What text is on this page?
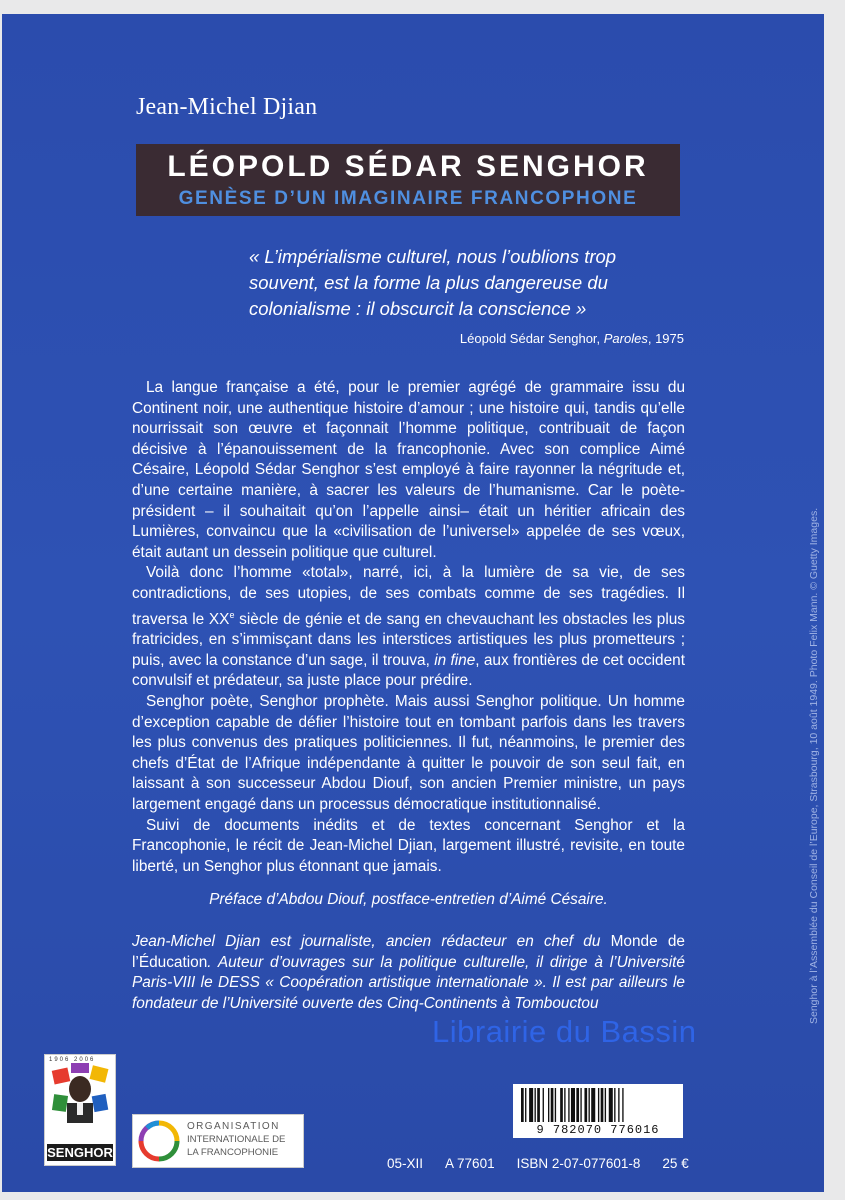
Jean-Michel Djian
LÉOPOLD SÉDAR SENGHOR
GENÈSE D’UN IMAGINAIRE FRANCOPHONE
« L’impérialisme culturel, nous l’oublions trop souvent, est la forme la plus dangereuse du colonialisme : il obscurcit la conscience »
Léopold Sédar Senghor, Paroles, 1975

La langue française a été, pour le premier agrégé de grammaire issu du Continent noir, une authentique histoire d’amour ; une histoire qui, tandis qu’elle nourrissait son œuvre et façonnait l’homme politique, contribuait de façon décisive à l’épanouissement de la francophonie. Avec son complice Aimé Césaire, Léopold Sédar Senghor s’est employé à faire rayonner la négritude et, d’une certaine manière, à sacrer les valeurs de l’humanisme. Car le poète-président – il souhaitait qu’on l’appelle ainsi– était un héritier africain des Lumières, convaincu que la «civilisation de l’universel» appelée de ses vœux, était autant un dessein politique que culturel.

Voilà donc l’homme «total», narré, ici, à la lumière de sa vie, de ses contradictions, de ses utopies, de ses combats comme de ses tragédies. Il traversa le XXe siècle de génie et de sang en chevauchant les obstacles les plus fratricides, en s’immisçant dans les interstices artistiques les plus prometteurs ; puis, avec la constance d’un sage, il trouva, in fine, aux frontières de cet occident convulsif et prédateur, sa juste place pour prédire.

Senghor poète, Senghor prophète. Mais aussi Senghor politique. Un homme d’exception capable de défier l’histoire tout en tombant parfois dans les travers les plus convenus des pratiques politiciennes. Il fut, néanmoins, le premier des chefs d’État de l’Afrique indépendante à quitter le pouvoir de son seul fait, en laissant à son successeur Abdou Diouf, son ancien Premier ministre, un pays largement engagé dans un processus démocratique institutionnalisé.

Suivi de documents inédits et de textes concernant Senghor et la Francophonie, le récit de Jean-Michel Djian, largement illustré, revisite, en toute liberté, un Senghor plus étonnant que jamais.

Préface d’Abdou Diouf, postface-entretien d’Aimé Césaire.
Jean-Michel Djian est journaliste, ancien rédacteur en chef du Monde de l’Éducation. Auteur d’ouvrages sur la politique culturelle, il dirige à l’Université Paris-VIII le DESS « Coopération artistique internationale ». Il est par ailleurs le fondateur de l’Université ouverte des Cinq-Continents à Tombouctou	Senghor à l’Assemblée du Conseil de l’Europe, Strasbourg, 10 août 1949. Photo Felix Mann. © Guetty Images.
Librairie du Bassin
1906 2006
SENGHOR
ORGANISATION
INTERNATIONALE DE
LA FRANCOPHONIE
9 782070 776016
05-XII A 77601 ISBN 2-07-077601-8 25 €
